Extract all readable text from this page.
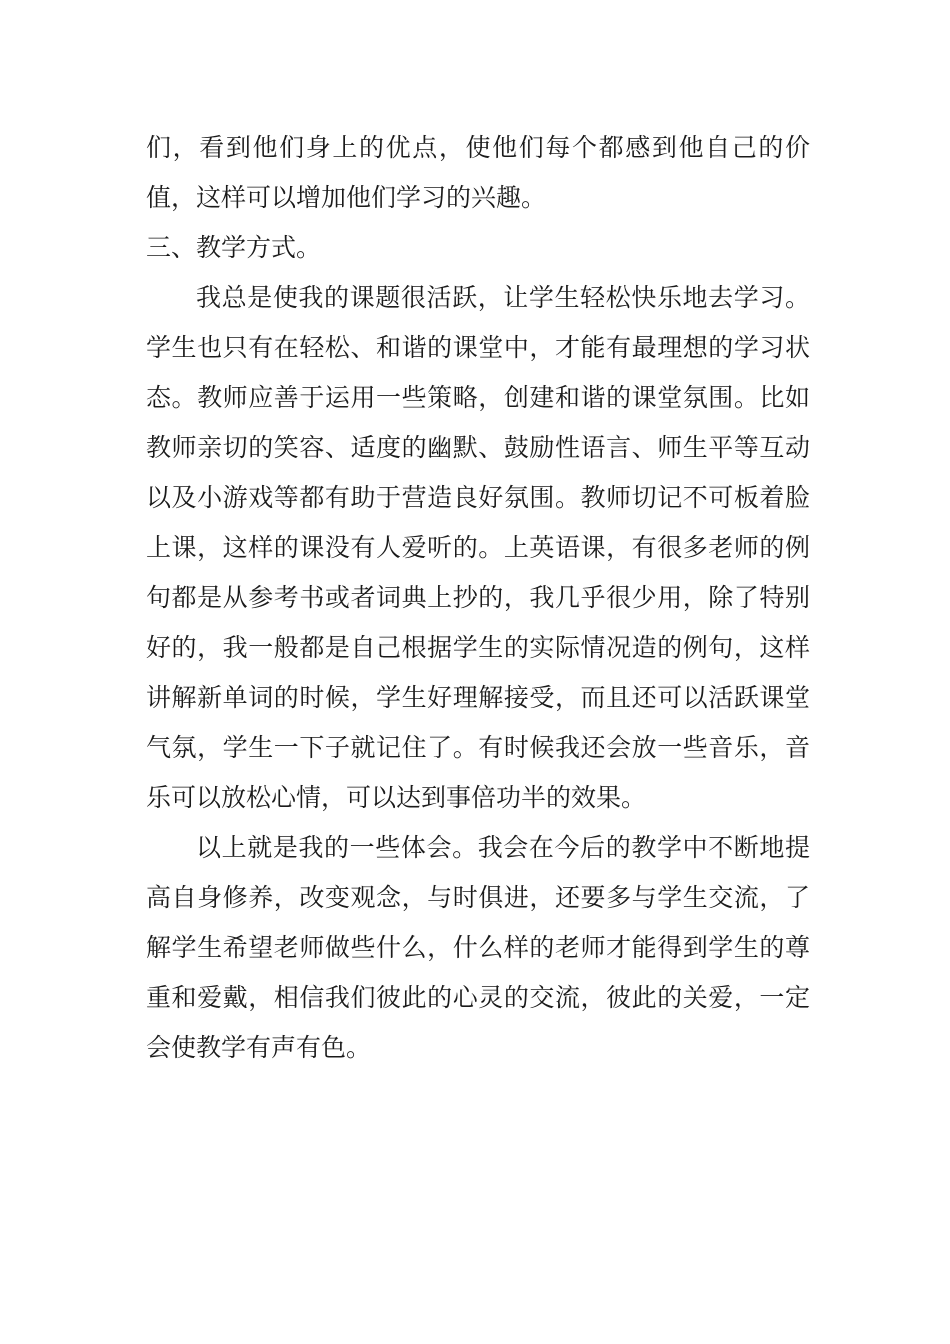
们，看到他们身上的优点，使他们每个都感到他自己的价值，这样可以增加他们学习的兴趣。

三、教学方式。

我总是使我的课题很活跃，让学生轻松快乐地去学习。学生也只有在轻松、和谐的课堂中，才能有最理想的学习状态。教师应善于运用一些策略，创建和谐的课堂氛围。比如教师亲切的笑容、适度的幽默、鼓励性语言、师生平等互动以及小游戏等都有助于营造良好氛围。教师切记不可板着脸上课，这样的课没有人爱听的。上英语课，有很多老师的例句都是从参考书或者词典上抄的，我几乎很少用，除了特别好的，我一般都是自己根据学生的实际情况造的例句，这样讲解新单词的时候，学生好理解接受，而且还可以活跃课堂气氛，学生一下子就记住了。有时候我还会放一些音乐，音乐可以放松心情，可以达到事倍功半的效果。

以上就是我的一些体会。我会在今后的教学中不断地提高自身修养，改变观念，与时俱进，还要多与学生交流，了解学生希望老师做些什么，什么样的老师才能得到学生的尊重和爱戴，相信我们彼此的心灵的交流，彼此的关爱，一定会使教学有声有色。
